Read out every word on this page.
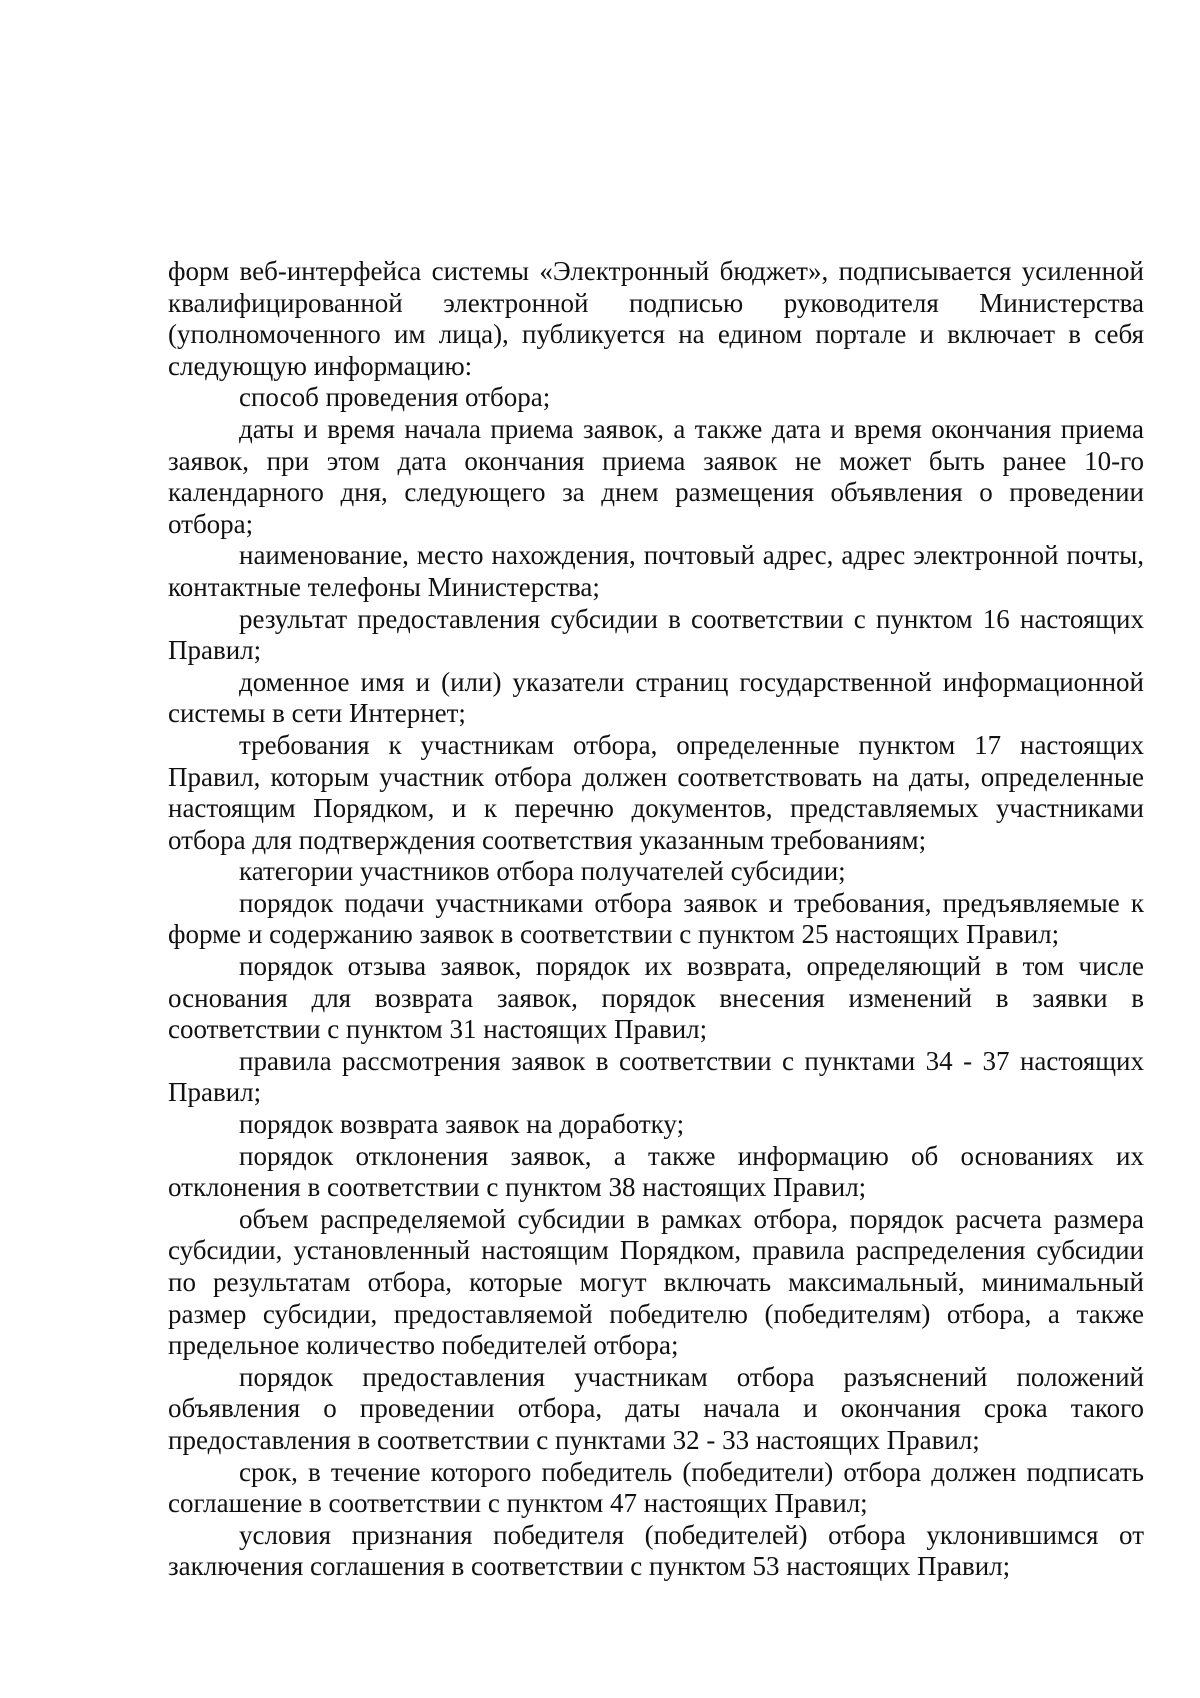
форм веб-интерфейса системы «Электронный бюджет», подписывается усиленной квалифицированной электронной подписью руководителя Министерства (уполномоченного им лица), публикуется на едином портале и включает в себя следующую информацию:

способ проведения отбора;

даты и время начала приема заявок, а также дата и время окончания приема заявок, при этом дата окончания приема заявок не может быть ранее 10-го календарного дня, следующего за днем размещения объявления о проведении отбора;

наименование, место нахождения, почтовый адрес, адрес электронной почты, контактные телефоны Министерства;

результат предоставления субсидии в соответствии с пунктом 16 настоящих Правил;

доменное имя и (или) указатели страниц государственной информационной системы в сети Интернет;

требования к участникам отбора, определенные пунктом 17 настоящих Правил, которым участник отбора должен соответствовать на даты, определенные настоящим Порядком, и к перечню документов, представляемых участниками отбора для подтверждения соответствия указанным требованиям;

категории участников отбора получателей субсидии;

порядок подачи участниками отбора заявок и требования, предъявляемые к форме и содержанию заявок в соответствии с пунктом 25 настоящих Правил;

порядок отзыва заявок, порядок их возврата, определяющий в том числе основания для возврата заявок, порядок внесения изменений в заявки в соответствии с пунктом 31 настоящих Правил;

правила рассмотрения заявок в соответствии с пунктами 34 - 37 настоящих Правил;

порядок возврата заявок на доработку;

порядок отклонения заявок, а также информацию об основаниях их отклонения в соответствии с пунктом 38 настоящих Правил;

объем распределяемой субсидии в рамках отбора, порядок расчета размера субсидии, установленный настоящим Порядком, правила распределения субсидии по результатам отбора, которые могут включать максимальный, минимальный размер субсидии, предоставляемой победителю (победителям) отбора, а также предельное количество победителей отбора;

порядок предоставления участникам отбора разъяснений положений объявления о проведении отбора, даты начала и окончания срока такого предоставления в соответствии с пунктами 32 - 33 настоящих Правил;

срок, в течение которого победитель (победители) отбора должен подписать соглашение в соответствии с пунктом 47 настоящих Правил;

условия признания победителя (победителей) отбора уклонившимся от заключения соглашения в соответствии с пунктом 53 настоящих Правил;
